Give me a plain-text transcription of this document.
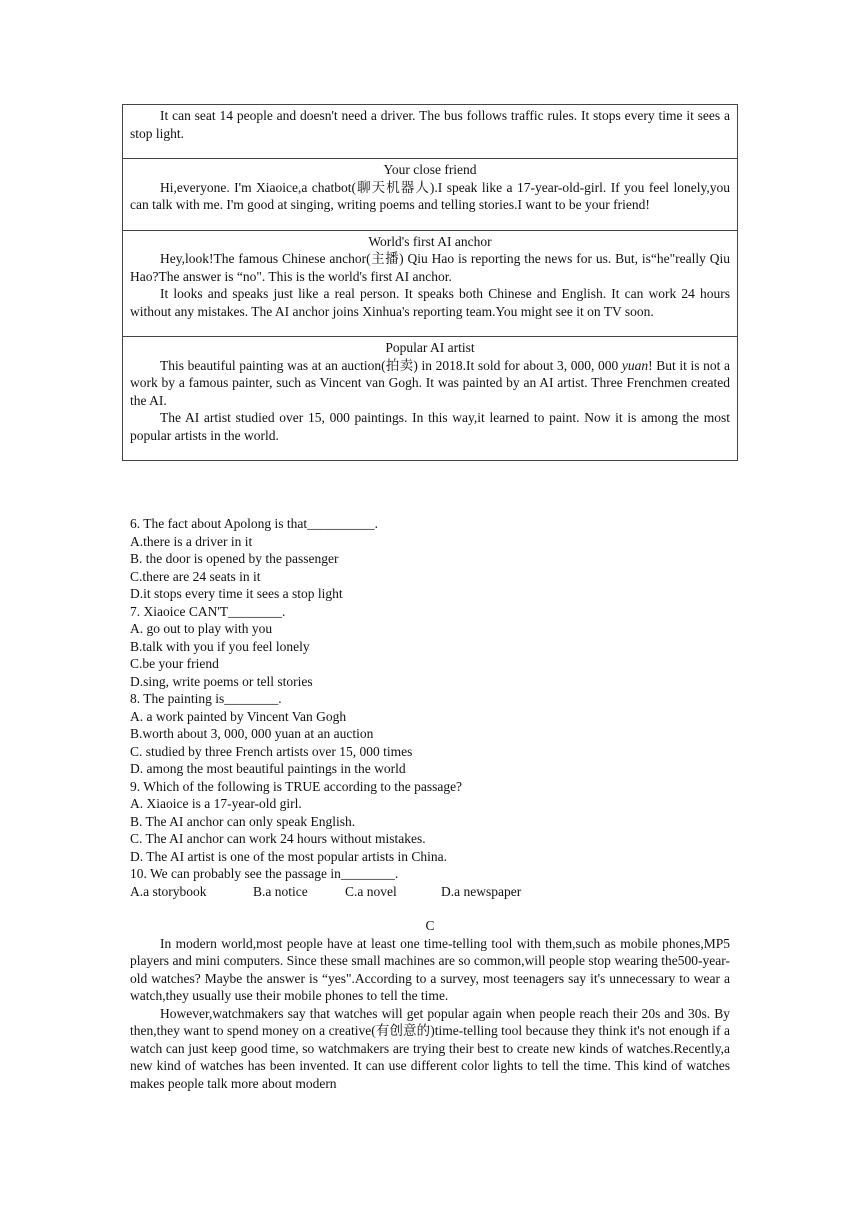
It can seat 14 people and doesn't need a driver. The bus follows traffic rules. It stops every time it sees a stop light.

Your close friend

Hi,everyone. I'm Xiaoice,a chatbot(聊天机器人).I speak like a 17-year-old-girl. If you feel lonely,you can talk with me. I'm good at singing, writing poems and telling stories.I want to be your friend!

World's first AI anchor

Hey,look!The famous Chinese anchor(主播) Qiu Hao is reporting the news for us. But, is“he"really Qiu Hao?The answer is “no". This is the world's first AI anchor.

It looks and speaks just like a real person. It speaks both Chinese and English. It can work 24 hours without any mistakes. The AI anchor joins Xinhua's reporting team.You might see it on TV soon.

Popular AI artist

This beautiful painting was at an auction(拍卖) in 2018.It sold for about 3, 000, 000 yuan! But it is not a work by a famous painter, such as Vincent van Gogh. It was painted by an AI artist. Three Frenchmen created the AI.

The AI artist studied over 15, 000 paintings. In this way,it learned to paint. Now it is among the most popular artists in the world.

6. The fact about Apolong is that__________.

A.there is a driver in it

B. the door is opened by the passenger

C.there are 24 seats in it

D.it stops every time it sees a stop light

7. Xiaoice CAN'T________.

A. go out to play with you

B.talk with you if you feel lonely

C.be your friend

D.sing, write poems or tell stories

8. The painting is________.

A. a work painted by Vincent Van Gogh

B.worth about 3, 000, 000 yuan at an auction

C. studied by three French artists over 15, 000 times

D. among the most beautiful paintings in the world

9. Which of the following is TRUE according to the passage?

A. Xiaoice is a 17-year-old girl.

B. The AI anchor can only speak English.

C. The AI anchor can work 24 hours without mistakes.

D. The AI artist is one of the most popular artists in China.

10. We can probably see the passage in________.

A.a storybook	B.a notice	C.a novel	D.a newspaper

C

In modern world,most people have at least one time-telling tool with them,such as mobile phones,MP5 players and mini computers. Since these small machines are so common,will people stop wearing the500-year-old watches? Maybe the answer is “yes".According to a survey, most teenagers say it's unnecessary to wear a watch,they usually use their mobile phones to tell the time.

However,watchmakers say that watches will get popular again when people reach their 20s and 30s. By then,they want to spend money on a creative(有创意的)time-telling tool because they think it's not enough if a watch can just keep good time, so watchmakers are trying their best to create new kinds of watches.Recently,a new kind of watches has been invented. It can use different color lights to tell the time. This kind of watches makes people talk more about modern
